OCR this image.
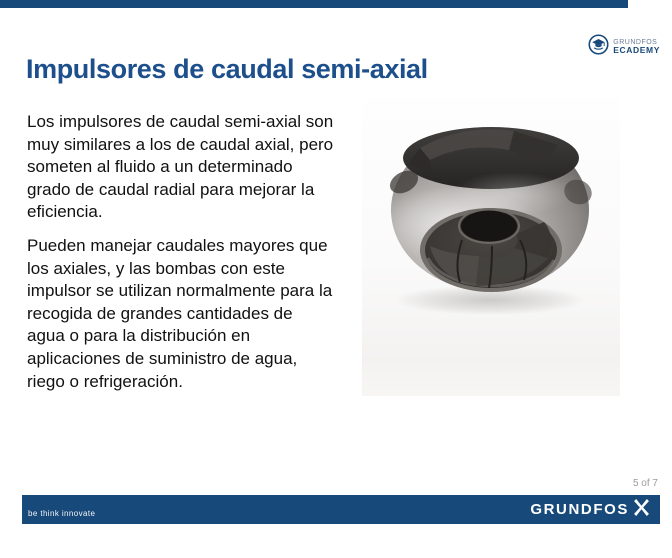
GRUNDFOS
ECADEMY
Impulsores de caudal semi-axial

Los impulsores de caudal semi-axial son muy similares a los de caudal axial, pero someten al fluido a un determinado grado de caudal radial para mejorar la eficiencia.

Pueden manejar caudales mayores que los axiales, y las bombas con este impulsor se utilizan normalmente para la recogida de grandes cantidades de agua o para la distribución en aplicaciones de suministro de agua, riego o refrigeración.

5 of 7
be think innovate	GRUNDFOS
